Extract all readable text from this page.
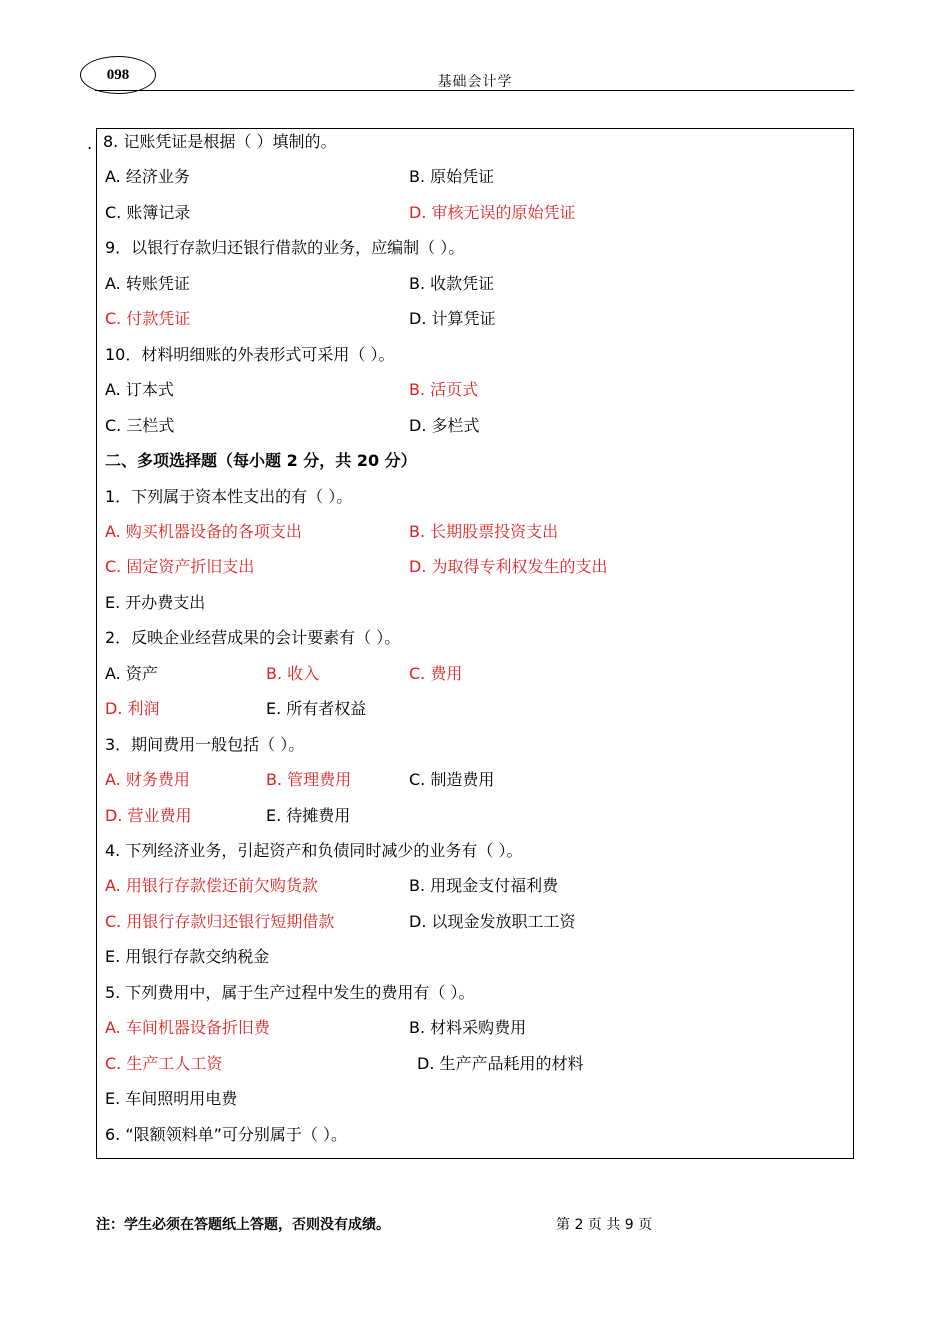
098	基础会计学
. 8. 记账凭证是根据（ ）填制的。
A. 经济业务	B. 原始凭证
C. 账簿记录	D. 审核无误的原始凭证
9．以银行存款归还银行借款的业务，应编制（ ）。
A. 转账凭证	B. 收款凭证
C. 付款凭证	D. 计算凭证
10．材料明细账的外表形式可采用（ ）。
A. 订本式	B. 活页式
C. 三栏式	D. 多栏式
二、多项选择题（每小题 2 分，共 20 分）
1．下列属于资本性支出的有（ ）。
A. 购买机器设备的各项支出	B. 长期股票投资支出
C. 固定资产折旧支出	D. 为取得专利权发生的支出
E. 开办费支出
2．反映企业经营成果的会计要素有（ ）。
A. 资产	B. 收入	C. 费用
D. 利润	E. 所有者权益
3．期间费用一般包括（ ）。
A. 财务费用	B. 管理费用	C. 制造费用
D. 营业费用	E. 待摊费用
4. 下列经济业务，引起资产和负债同时减少的业务有（ ）。
A. 用银行存款偿还前欠购货款	B. 用现金支付福利费
C. 用银行存款归还银行短期借款	D. 以现金发放职工工资
E. 用银行存款交纳税金
5. 下列费用中，属于生产过程中发生的费用有（ ）。
A. 车间机器设备折旧费	B. 材料采购费用
C. 生产工人工资	D. 生产产品耗用的材料
E. 车间照明用电费
6. “限额领料单”可分别属于（ ）。
注：学生必须在答题纸上答题，否则没有成绩。	第 2 页 共 9 页
